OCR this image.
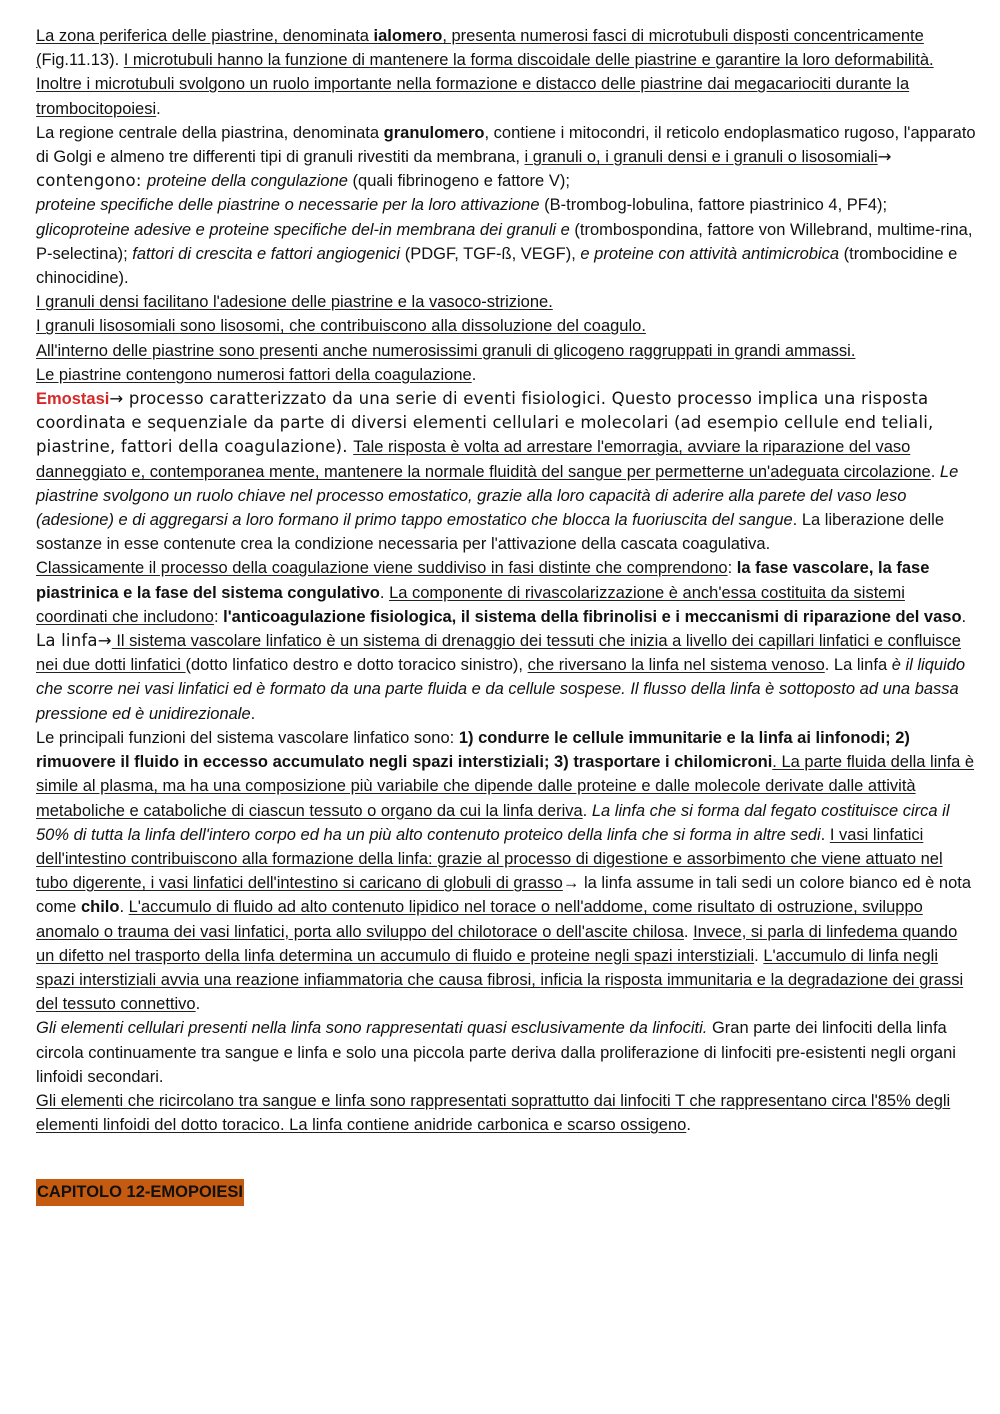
La zona periferica delle piastrine, denominata ialomero, presenta numerosi fasci di microtubuli disposti concentricamente (Fig.11.13). I microtubuli hanno la funzione di mantenere la forma discoidale delle piastrine e garantire la loro deformabilità. Inoltre i microtubuli svolgono un ruolo importante nella formazione e distacco delle piastrine dai megacariociti durante la trombocitopoiesi.

La regione centrale della piastrina, denominata granulomero, contiene i mitocondri, il reticolo endoplasmatico rugoso, l'apparato di Golgi e almeno tre differenti tipi di granuli rivestiti da membrana, i granuli o, i granuli densi e i granuli o lisosomiali→ contengono: proteine della congulazione (quali fibrinogeno e fattore V);

proteine specifiche delle piastrine o necessarie per la loro attivazione (B-trombog-lobulina, fattore piastrinico 4, PF4); glicoproteine adesive e proteine specifiche del-in membrana dei granuli e (trombospondina, fattore von Willebrand, multime-rina, P-selectina); fattori di crescita e fattori angiogenici (PDGF, TGF-ß, VEGF), e proteine con attività antimicrobica (trombocidine e chinocidine).

I granuli densi facilitano l'adesione delle piastrine e la vasoco-strizione.

I granuli lisosomiali sono lisosomi, che contribuiscono alla dissoluzione del coagulo.

All'interno delle piastrine sono presenti anche numerosissimi granuli di glicogeno raggruppati in grandi ammassi.

Le piastrine contengono numerosi fattori della coagulazione.

Emostasi→ processo caratterizzato da una serie di eventi fisiologici. Questo processo implica una risposta coordinata e sequenziale da parte di diversi elementi cellulari e molecolari (ad esempio cellule end teliali, piastrine, fattori della coagulazione). Tale risposta è volta ad arrestare l'emorragia, avviare la riparazione del vaso danneggiato e, contemporanea mente, mantenere la normale fluidità del sangue per permetterne un'adeguata circolazione. Le piastrine svolgono un ruolo chiave nel processo emostatico, grazie alla loro capacità di aderire alla parete del vaso leso (adesione) e di aggregarsi a loro formano il primo tappo emostatico che blocca la fuoriuscita del sangue. La liberazione delle sostanze in esse contenute crea la condizione necessaria per l'attivazione della cascata coagulativa.

Classicamente il processo della coagulazione viene suddiviso in fasi distinte che comprendono: la fase vascolare, la fase piastrinica e la fase del sistema congulativo. La componente di rivascolarizzazione è anch'essa costituita da sistemi coordinati che includono: l'anticoagulazione fisiologica, il sistema della fibrinolisi e i meccanismi di riparazione del vaso.

La linfa→ Il sistema vascolare linfatico è un sistema di drenaggio dei tessuti che inizia a livello dei capillari linfatici e confluisce nei due dotti linfatici (dotto linfatico destro e dotto toracico sinistro), che riversano la linfa nel sistema venoso. La linfa è il liquido che scorre nei vasi linfatici ed è formato da una parte fluida e da cellule sospese. Il flusso della linfa è sottoposto ad una bassa pressione ed è unidirezionale.

Le principali funzioni del sistema vascolare linfatico sono: 1) condurre le cellule immunitarie e la linfa ai linfonodi; 2) rimuovere il fluido in eccesso accumulato negli spazi interstiziali; 3) trasportare i chilomicroni. La parte fluida della linfa è simile al plasma, ma ha una composizione più variabile che dipende dalle proteine e dalle molecole derivate dalle attività metaboliche e cataboliche di ciascun tessuto o organo da cui la linfa deriva. La linfa che si forma dal fegato costituisce circa il 50% di tutta la linfa dell'intero corpo ed ha un più alto contenuto proteico della linfa che si forma in altre sedi. I vasi linfatici dell'intestino contribuiscono alla formazione della linfa: grazie al processo di digestione e assorbimento che viene attuato nel tubo digerente, i vasi linfatici dell'intestino si caricano di globuli di grasso→ la linfa assume in tali sedi un colore bianco ed è nota come chilo. L'accumulo di fluido ad alto contenuto lipidico nel torace o nell'addome, come risultato di ostruzione, sviluppo anomalo o trauma dei vasi linfatici, porta allo sviluppo del chilotorace o dell'ascite chilosa. Invece, si parla di linfedema quando un difetto nel trasporto della linfa determina un accumulo di fluido e proteine negli spazi interstiziali. L'accumulo di linfa negli spazi interstiziali avvia una reazione infiammatoria che causa fibrosi, inficia la risposta immunitaria e la degradazione dei grassi del tessuto connettivo.

Gli elementi cellulari presenti nella linfa sono rappresentati quasi esclusivamente da linfociti. Gran parte dei linfociti della linfa circola continuamente tra sangue e linfa e solo una piccola parte deriva dalla proliferazione di linfociti pre-esistenti negli organi linfoidi secondari.

Gli elementi che ricircolano tra sangue e linfa sono rappresentati soprattutto dai linfociti T che rappresentano circa l'85% degli elementi linfoidi del dotto toracico. La linfa contiene anidride carbonica e scarso ossigeno.

CAPITOLO 12-EMOPOIESI
